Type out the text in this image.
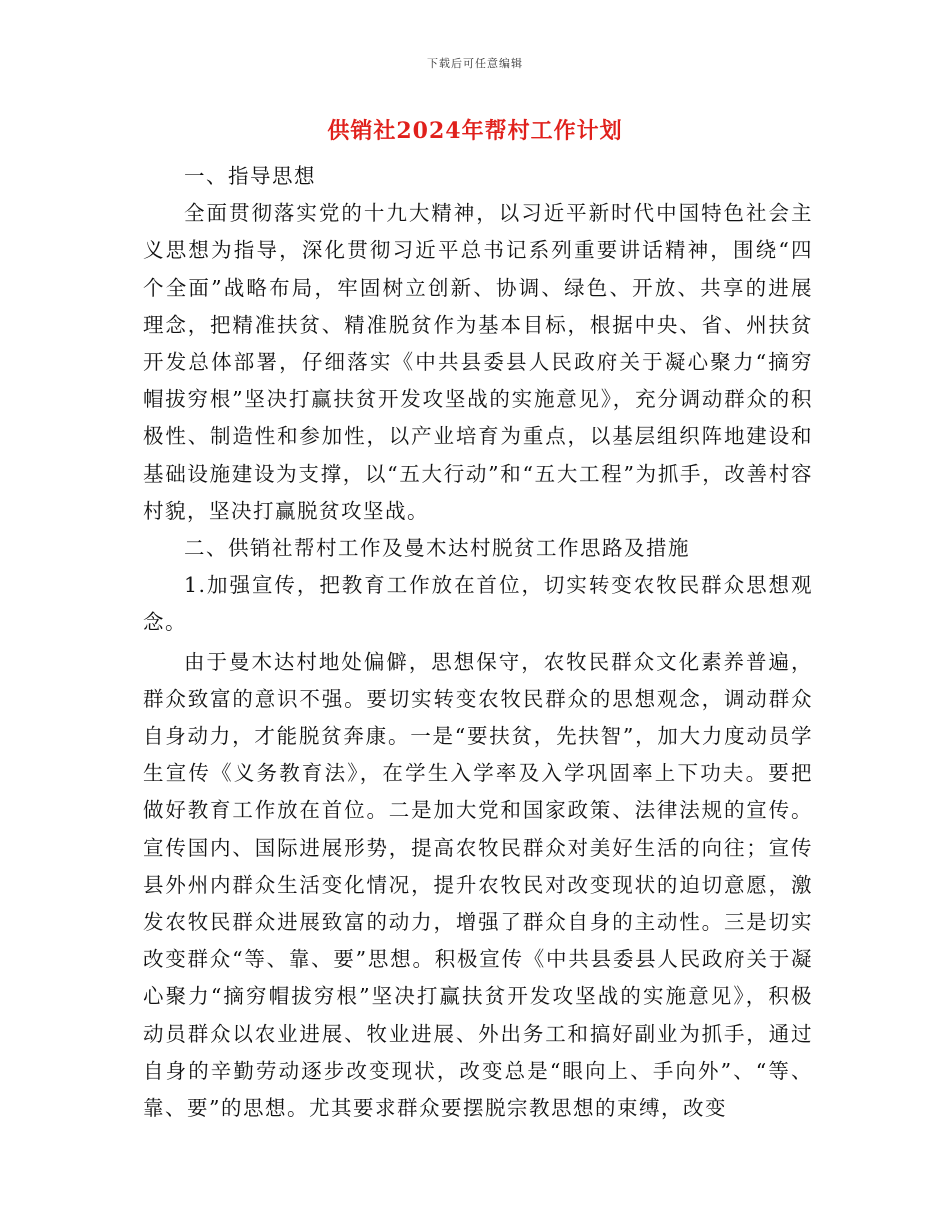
下载后可任意编辑
供销社2024年帮村工作计划

一、指导思想

全面贯彻落实党的十九大精神，以习近平新时代中国特色社会主义思想为指导，深化贯彻习近平总书记系列重要讲话精神，围绕“四个全面”战略布局，牢固树立创新、协调、绿色、开放、共享的进展理念，把精准扶贫、精准脱贫作为基本目标，根据中央、省、州扶贫开发总体部署，仔细落实《中共县委县人民政府关于凝心聚力“摘穷帽拔穷根”坚决打赢扶贫开发攻坚战的实施意见》，充分调动群众的积极性、制造性和参加性，以产业培育为重点，以基层组织阵地建设和基础设施建设为支撑，以“五大行动”和“五大工程”为抓手，改善村容村貌，坚决打赢脱贫攻坚战。

二、供销社帮村工作及曼木达村脱贫工作思路及措施

1.加强宣传，把教育工作放在首位，切实转变农牧民群众思想观念。

由于曼木达村地处偏僻，思想保守，农牧民群众文化素养普遍，群众致富的意识不强。要切实转变农牧民群众的思想观念，调动群众自身动力，才能脱贫奔康。一是“要扶贫，先扶智”，加大力度动员学生宣传《义务教育法》，在学生入学率及入学巩固率上下功夫。要把做好教育工作放在首位。二是加大党和国家政策、法律法规的宣传。宣传国内、国际进展形势，提高农牧民群众对美好生活的向往；宣传县外州内群众生活变化情况，提升农牧民对改变现状的迫切意愿，激发农牧民群众进展致富的动力，增强了群众自身的主动性。三是切实改变群众“等、靠、要”思想。积极宣传《中共县委县人民政府关于凝心聚力“摘穷帽拔穷根”坚决打赢扶贫开发攻坚战的实施意见》，积极动员群众以农业进展、牧业进展、外出务工和搞好副业为抓手，通过自身的辛勤劳动逐步改变现状，改变总是“眼向上、手向外”、“等、靠、要”的思想。尤其要求群众要摆脱宗教思想的束缚，改变
